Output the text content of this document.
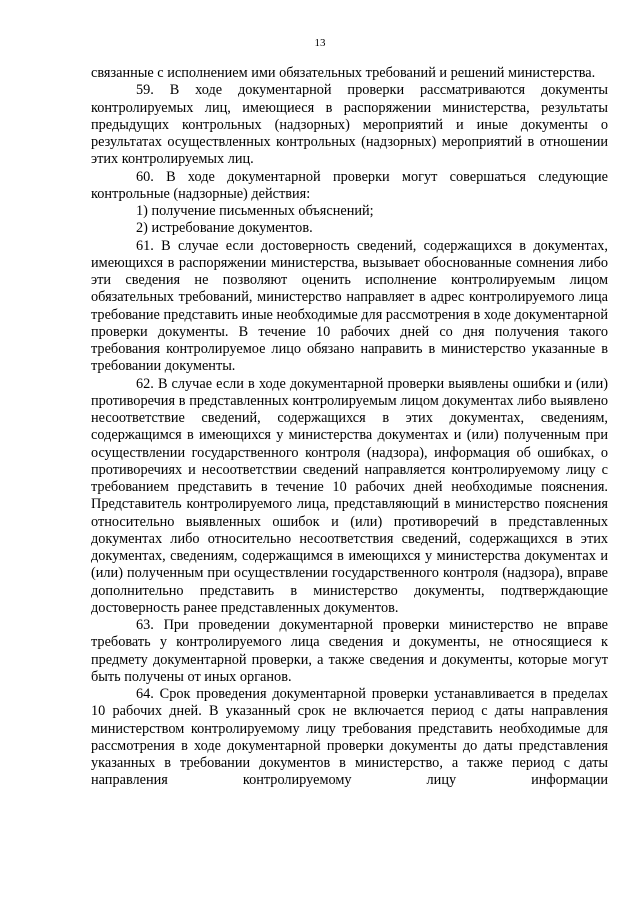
13

связанные с исполнением ими обязательных требований и решений министерства.

59. В ходе документарной проверки рассматриваются документы контролируемых лиц, имеющиеся в распоряжении министерства, результаты предыдущих контрольных (надзорных) мероприятий и иные документы о результатах осуществленных контрольных (надзорных) мероприятий в отношении этих контролируемых лиц.

60. В ходе документарной проверки могут совершаться следующие контрольные (надзорные) действия:

1) получение письменных объяснений;

2) истребование документов.

61. В случае если достоверность сведений, содержащихся в документах, имеющихся в распоряжении министерства, вызывает обоснованные сомнения либо эти сведения не позволяют оценить исполнение контролируемым лицом обязательных требований, министерство направляет в адрес контролируемого лица требование представить иные необходимые для рассмотрения в ходе документарной проверки документы. В течение 10 рабочих дней со дня получения такого требования контролируемое лицо обязано направить в министерство указанные в требовании документы.

62. В случае если в ходе документарной проверки выявлены ошибки и (или) противоречия в представленных контролируемым лицом документах либо выявлено несоответствие сведений, содержащихся в этих документах, сведениям, содержащимся в имеющихся у министерства документах и (или) полученным при осуществлении государственного контроля (надзора), информация об ошибках, о противоречиях и несоответствии сведений направляется контролируемому лицу с требованием представить в течение 10 рабочих дней необходимые пояснения. Представитель контролируемого лица, представляющий в министерство пояснения относительно выявленных ошибок и (или) противоречий в представленных документах либо относительно несоответствия сведений, содержащихся в этих документах, сведениям, содержащимся в имеющихся у министерства документах и (или) полученным при осуществлении государственного контроля (надзора), вправе дополнительно представить в министерство документы, подтверждающие достоверность ранее представленных документов.

63. При проведении документарной проверки министерство не вправе требовать у контролируемого лица сведения и документы, не относящиеся к предмету документарной проверки, а также сведения и документы, которые могут быть получены от иных органов.

64. Срок проведения документарной проверки устанавливается в пределах 10 рабочих дней. В указанный срок не включается период с даты направления министерством контролируемому лицу требования представить необходимые для рассмотрения в ходе документарной проверки документы до даты представления указанных в требовании документов в министерство, а также период с даты направления контролируемому лицу информации
